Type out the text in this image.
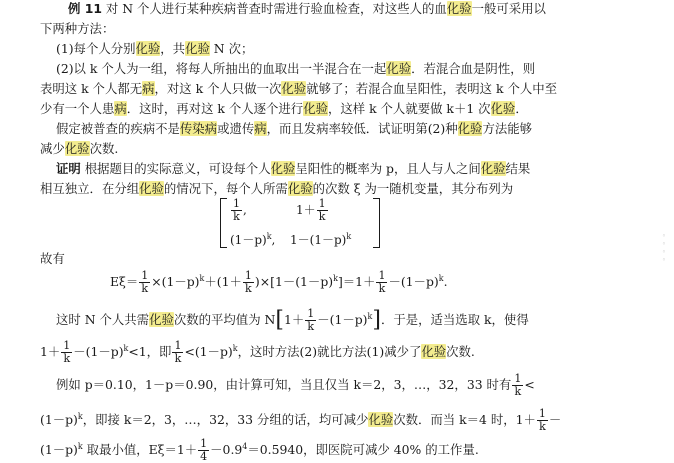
例 11 对 N 个人进行某种疾病普查时需进行验血检查，对这些人的血化验一般可采用以
下两种方法：
(1)每个人分别化验，共化验 N 次；
(2)以 k 个人为一组，将每人所抽出的血取出一半混合在一起化验．若混合血是阴性，则
表明这 k 个人都无病，对这 k 个人只做一次化验就够了；若混合血呈阳性，表明这 k 个人中至
少有一个人患病．这时，再对这 k 个人逐个进行化验，这样 k 个人就要做 k＋1 次化验．
假定被普查的疾病不是传染病或遗传病，而且发病率较低．试证明第(2)种化验方法能够
减少化验次数.
证明 根据题目的实际意义，可设每个人化验呈阳性的概率为 p，且人与人之间化验结果
相互独立．在分组化验的情况下，每个人所需化验的次数 ξ 为一随机变量，其分布列为
$\frac{1}{k}$ ,	$1+ \frac{1}{k}$
$(1-p)^k$, $1-(1-p)^k$
故有
$E\xi= \frac{1}{k} \times(1-p)^k+(1+ \frac{1}{k} )\times[1-(1-p)^k]=1+ \frac{1}{k} -(1-p)^k$.
这时 N 个人共需化验次数的平均值为 $N[1+ \frac{1}{k} -(1-p)^k]$．于是，适当选取 k，使得
$1+ \frac{1}{k} -(1-p)^k<1$，即 $\frac{1}{k} <(1-p)^k$，这时方法(2)就比方法(1)减少了化验次数.
例如 p＝0.10，1－p＝0.90，由计算可知，当且仅当 k＝2，3，…，32，33 时有 $\frac{1}{k}$ <
$(1-p)^k$，即接 k＝2，3，…，32，33 分组的话，均可减少化验次数．而当 k＝4 时，$1+ \frac{1}{k}$ －
$(1-p)^k$ 取最小值，$E\xi=1+ \frac{1}{4} -0.9^4=0.5940$，即医院可减少 40% 的工作量.
◦◦◦◦
